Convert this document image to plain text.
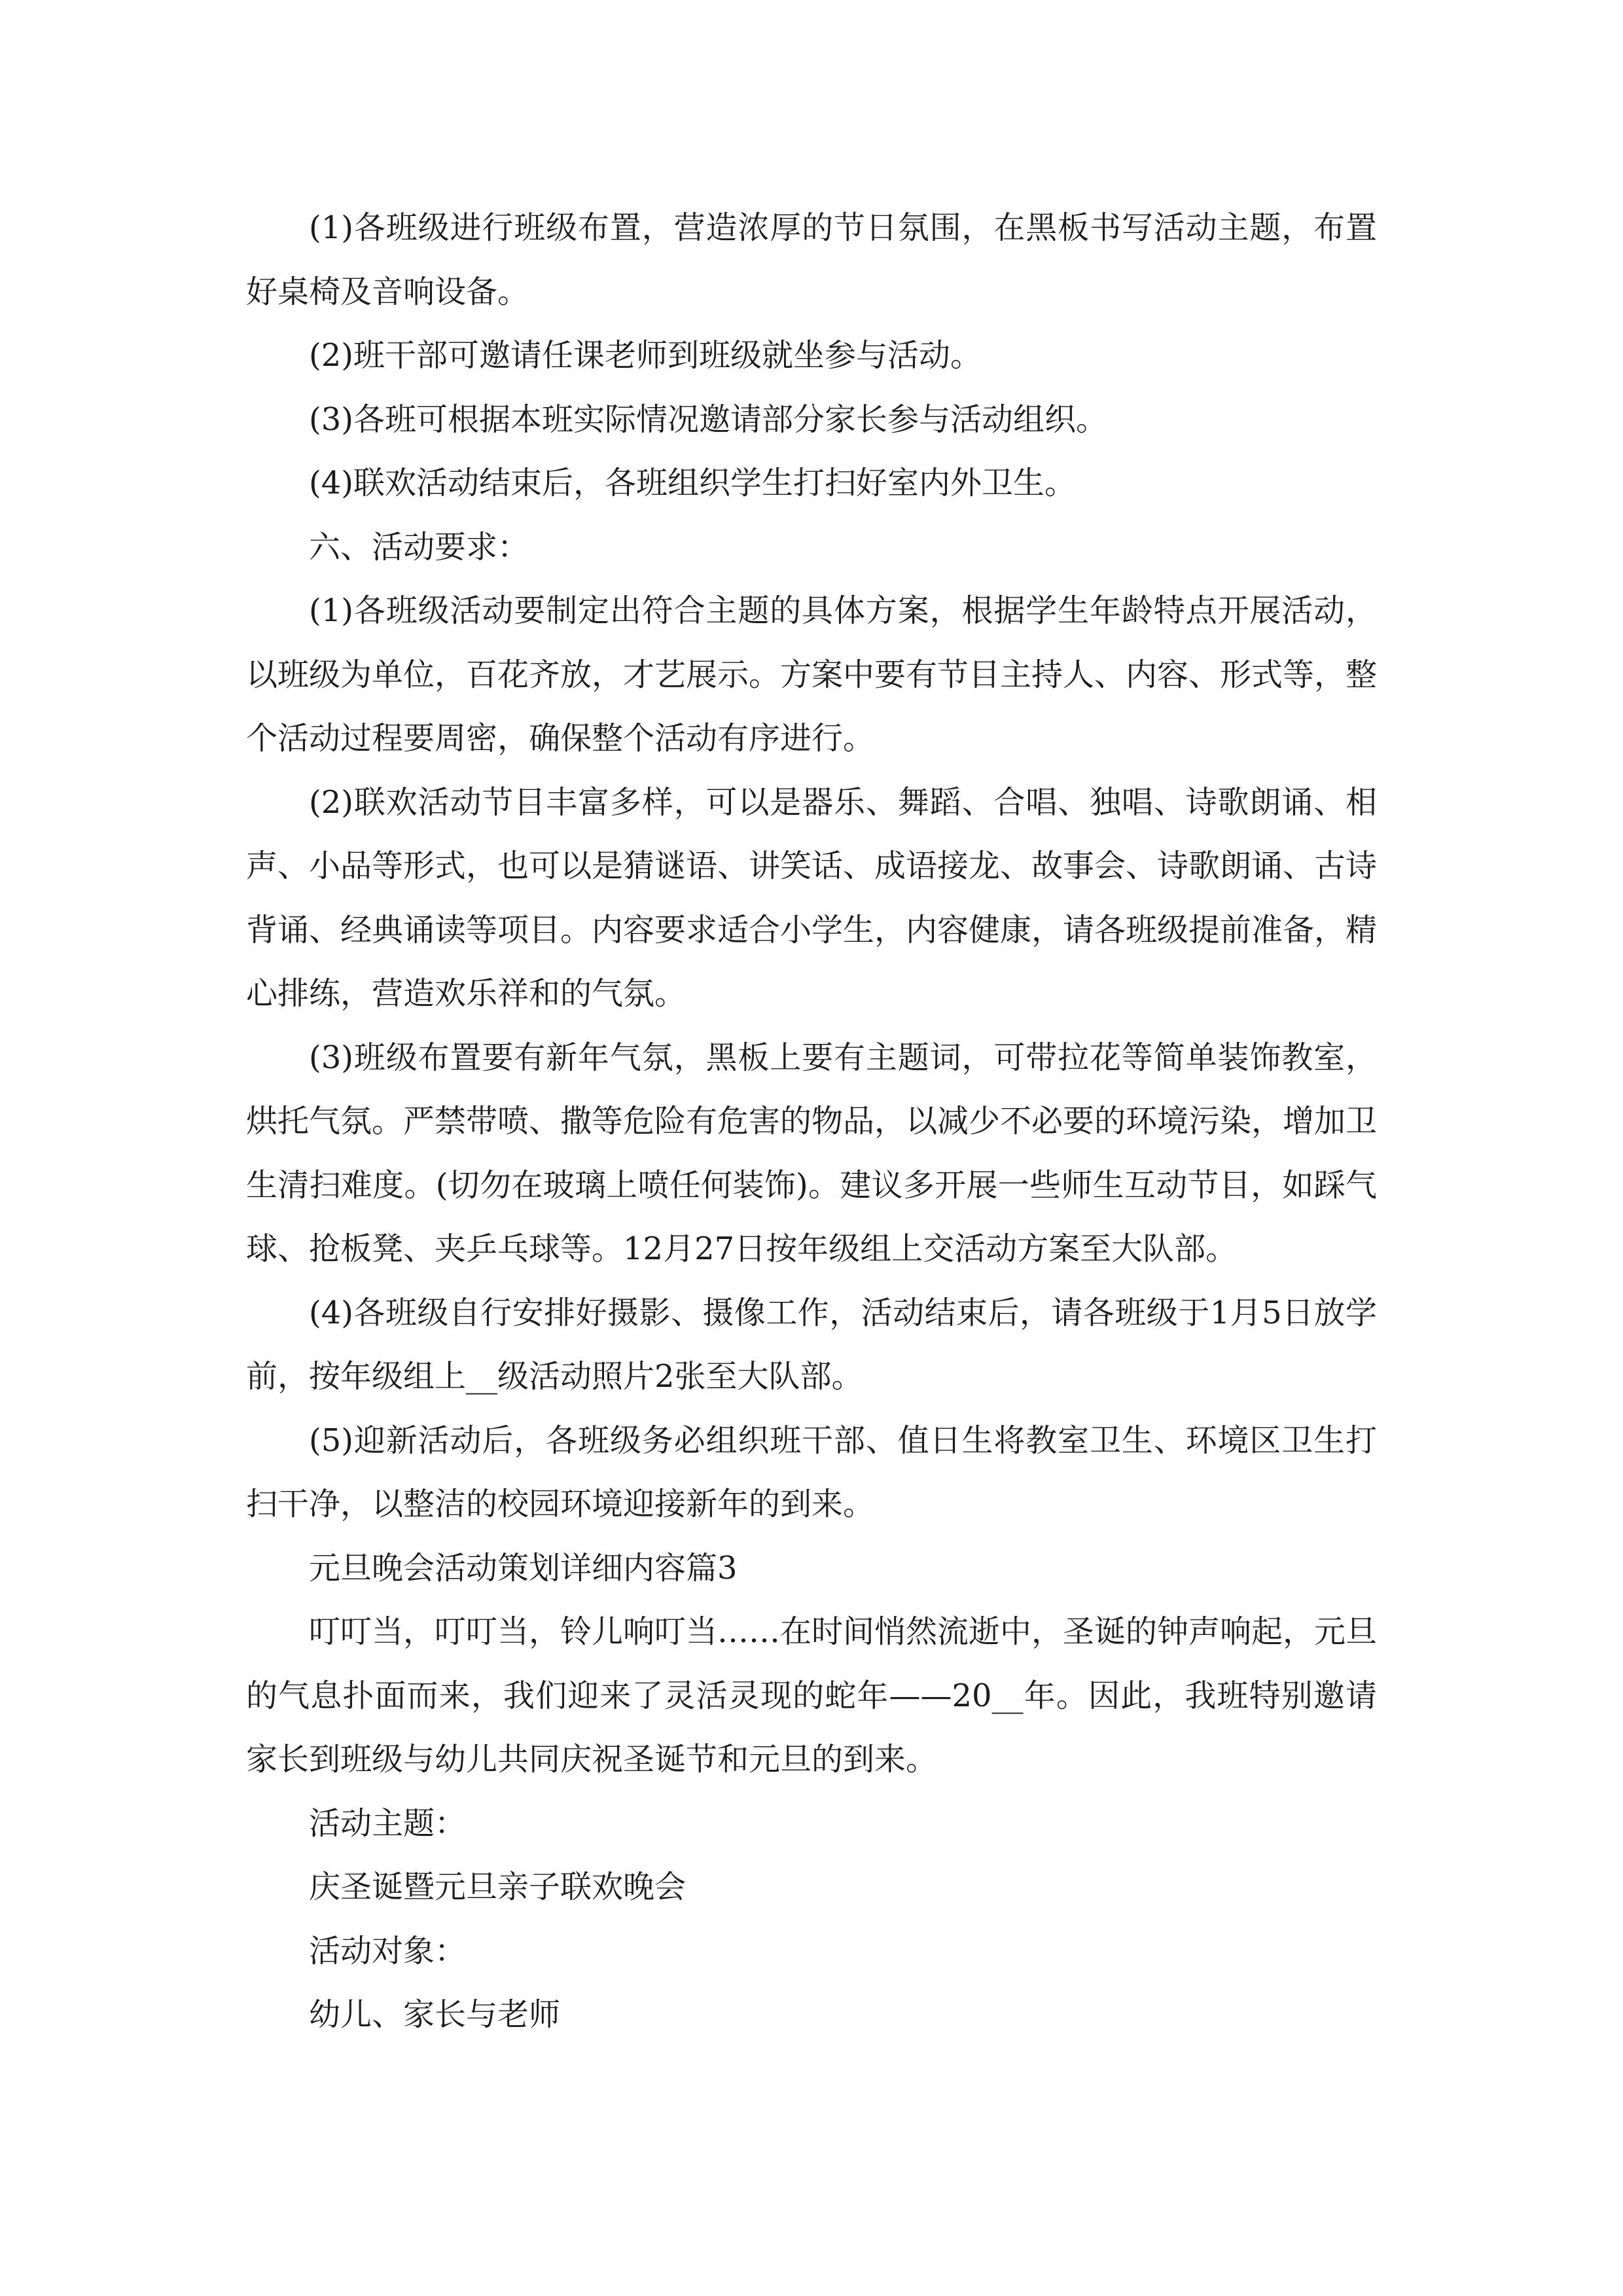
(1)各班级进行班级布置，营造浓厚的节日氛围，在黑板书写活动主题，布置好桌椅及音响设备。

(2)班干部可邀请任课老师到班级就坐参与活动。

(3)各班可根据本班实际情况邀请部分家长参与活动组织。

(4)联欢活动结束后，各班组织学生打扫好室内外卫生。

六、活动要求：

(1)各班级活动要制定出符合主题的具体方案，根据学生年龄特点开展活动，以班级为单位，百花齐放，才艺展示。方案中要有节目主持人、内容、形式等，整个活动过程要周密，确保整个活动有序进行。

(2)联欢活动节目丰富多样，可以是器乐、舞蹈、合唱、独唱、诗歌朗诵、相声、小品等形式，也可以是猜谜语、讲笑话、成语接龙、故事会、诗歌朗诵、古诗背诵、经典诵读等项目。内容要求适合小学生，内容健康，请各班级提前准备，精心排练，营造欢乐祥和的气氛。

(3)班级布置要有新年气氛，黑板上要有主题词，可带拉花等简单装饰教室，烘托气氛。严禁带喷、撒等危险有危害的物品，以减少不必要的环境污染，增加卫生清扫难度。(切勿在玻璃上喷任何装饰)。建议多开展一些师生互动节目，如踩气球、抢板凳、夹乒乓球等。12月27日按年级组上交活动方案至大队部。

(4)各班级自行安排好摄影、摄像工作，活动结束后，请各班级于1月5日放学前，按年级组上__级活动照片2张至大队部。

(5)迎新活动后，各班级务必组织班干部、值日生将教室卫生、环境区卫生打扫干净，以整洁的校园环境迎接新年的到来。

元旦晚会活动策划详细内容篇3

叮叮当，叮叮当，铃儿响叮当……在时间悄然流逝中，圣诞的钟声响起，元旦的气息扑面而来，我们迎来了灵活灵现的蛇年——20__年。因此，我班特别邀请家长到班级与幼儿共同庆祝圣诞节和元旦的到来。

活动主题：

庆圣诞暨元旦亲子联欢晚会

活动对象：

幼儿、家长与老师
